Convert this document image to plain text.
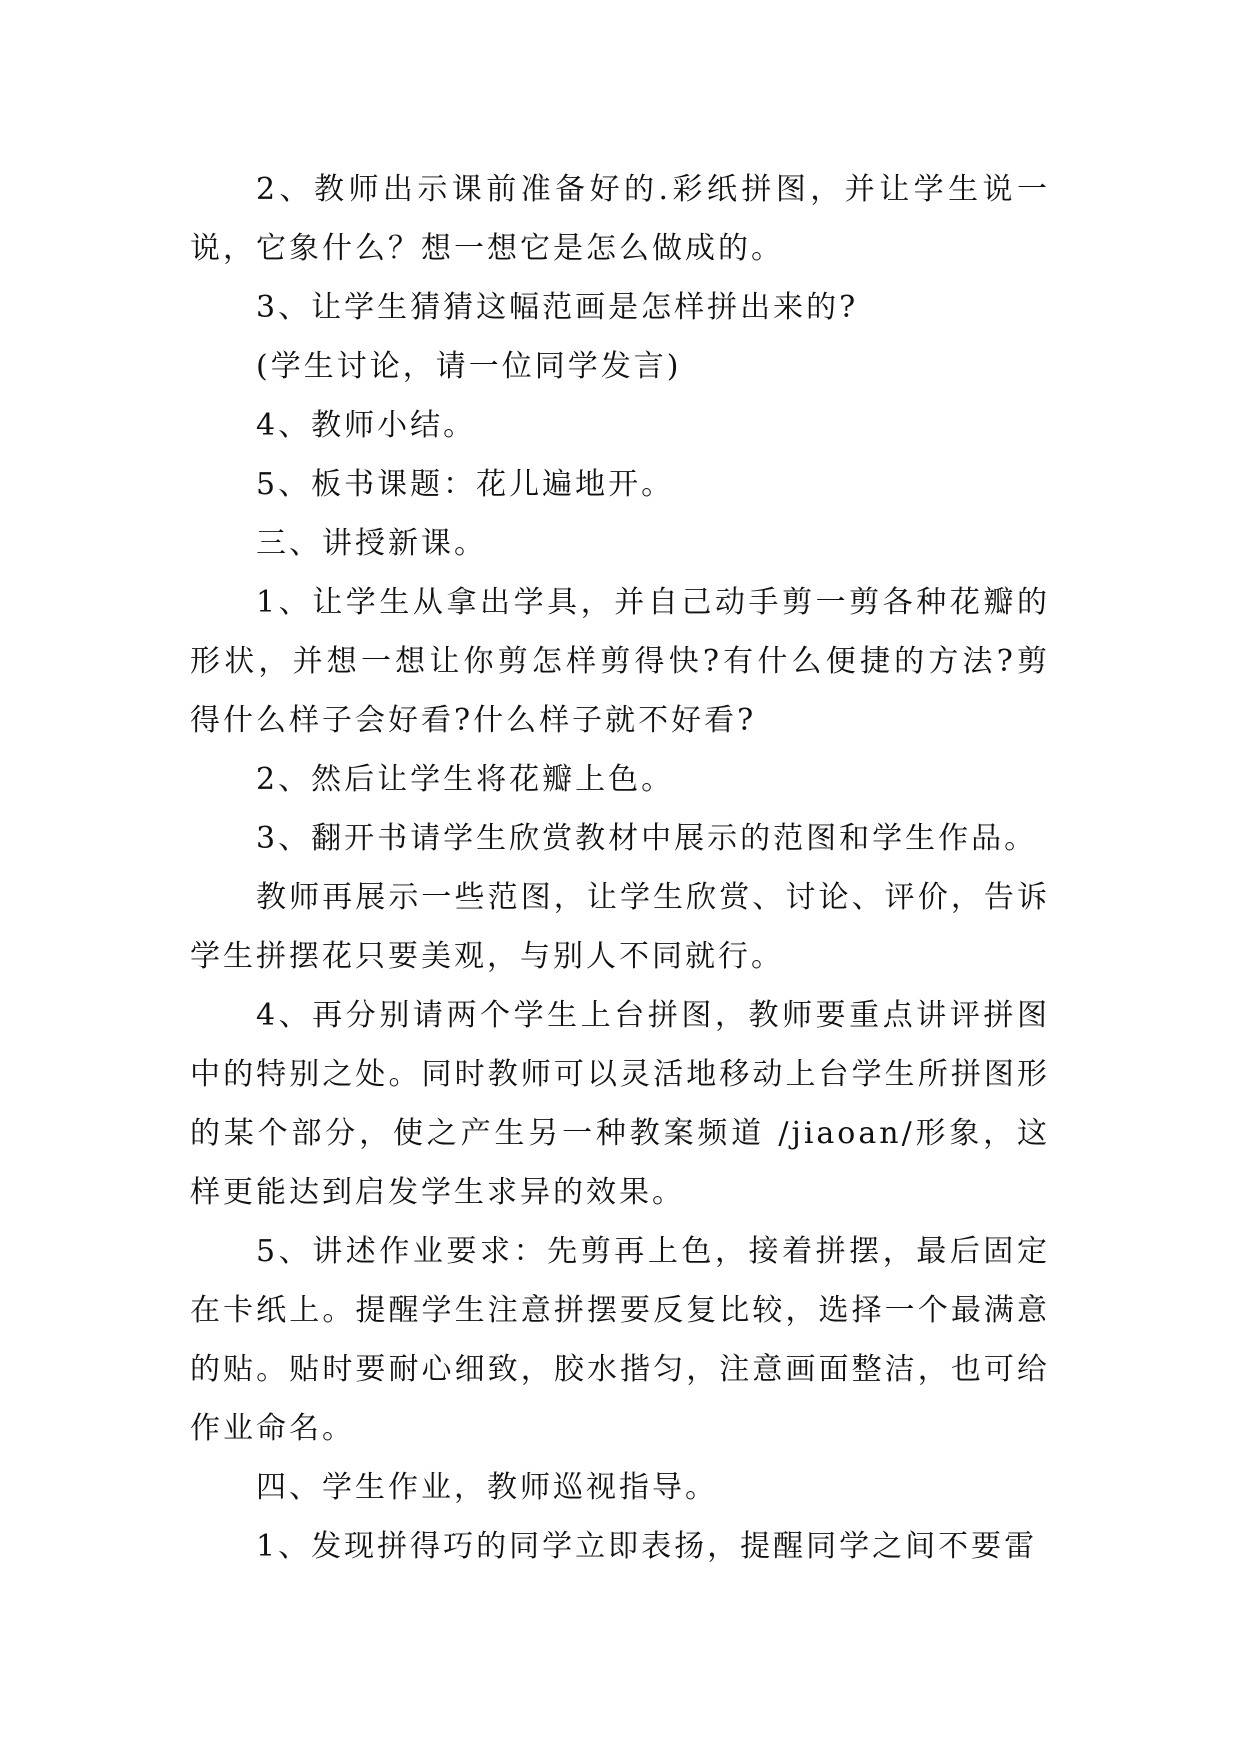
2、教师出示课前准备好的.彩纸拼图，并让学生说一说，它象什么？想一想它是怎么做成的。

3、让学生猜猜这幅范画是怎样拼出来的?

(学生讨论，请一位同学发言)

4、教师小结。

5、板书课题：花儿遍地开。

三、讲授新课。

1、让学生从拿出学具，并自己动手剪一剪各种花瓣的形状，并想一想让你剪怎样剪得快?有什么便捷的方法?剪得什么样子会好看?什么样子就不好看?

2、然后让学生将花瓣上色。

3、翻开书请学生欣赏教材中展示的范图和学生作品。

教师再展示一些范图，让学生欣赏、讨论、评价，告诉学生拼摆花只要美观，与别人不同就行。

4、再分别请两个学生上台拼图，教师要重点讲评拼图中的特别之处。同时教师可以灵活地移动上台学生所拼图形的某个部分，使之产生另一种教案频道 /jiaoan/形象，这样更能达到启发学生求异的效果。

5、讲述作业要求：先剪再上色，接着拼摆，最后固定在卡纸上。提醒学生注意拼摆要反复比较，选择一个最满意的贴。贴时要耐心细致，胶水揩匀，注意画面整洁，也可给作业命名。

四、学生作业，教师巡视指导。

1、发现拼得巧的同学立即表扬，提醒同学之间不要雷
